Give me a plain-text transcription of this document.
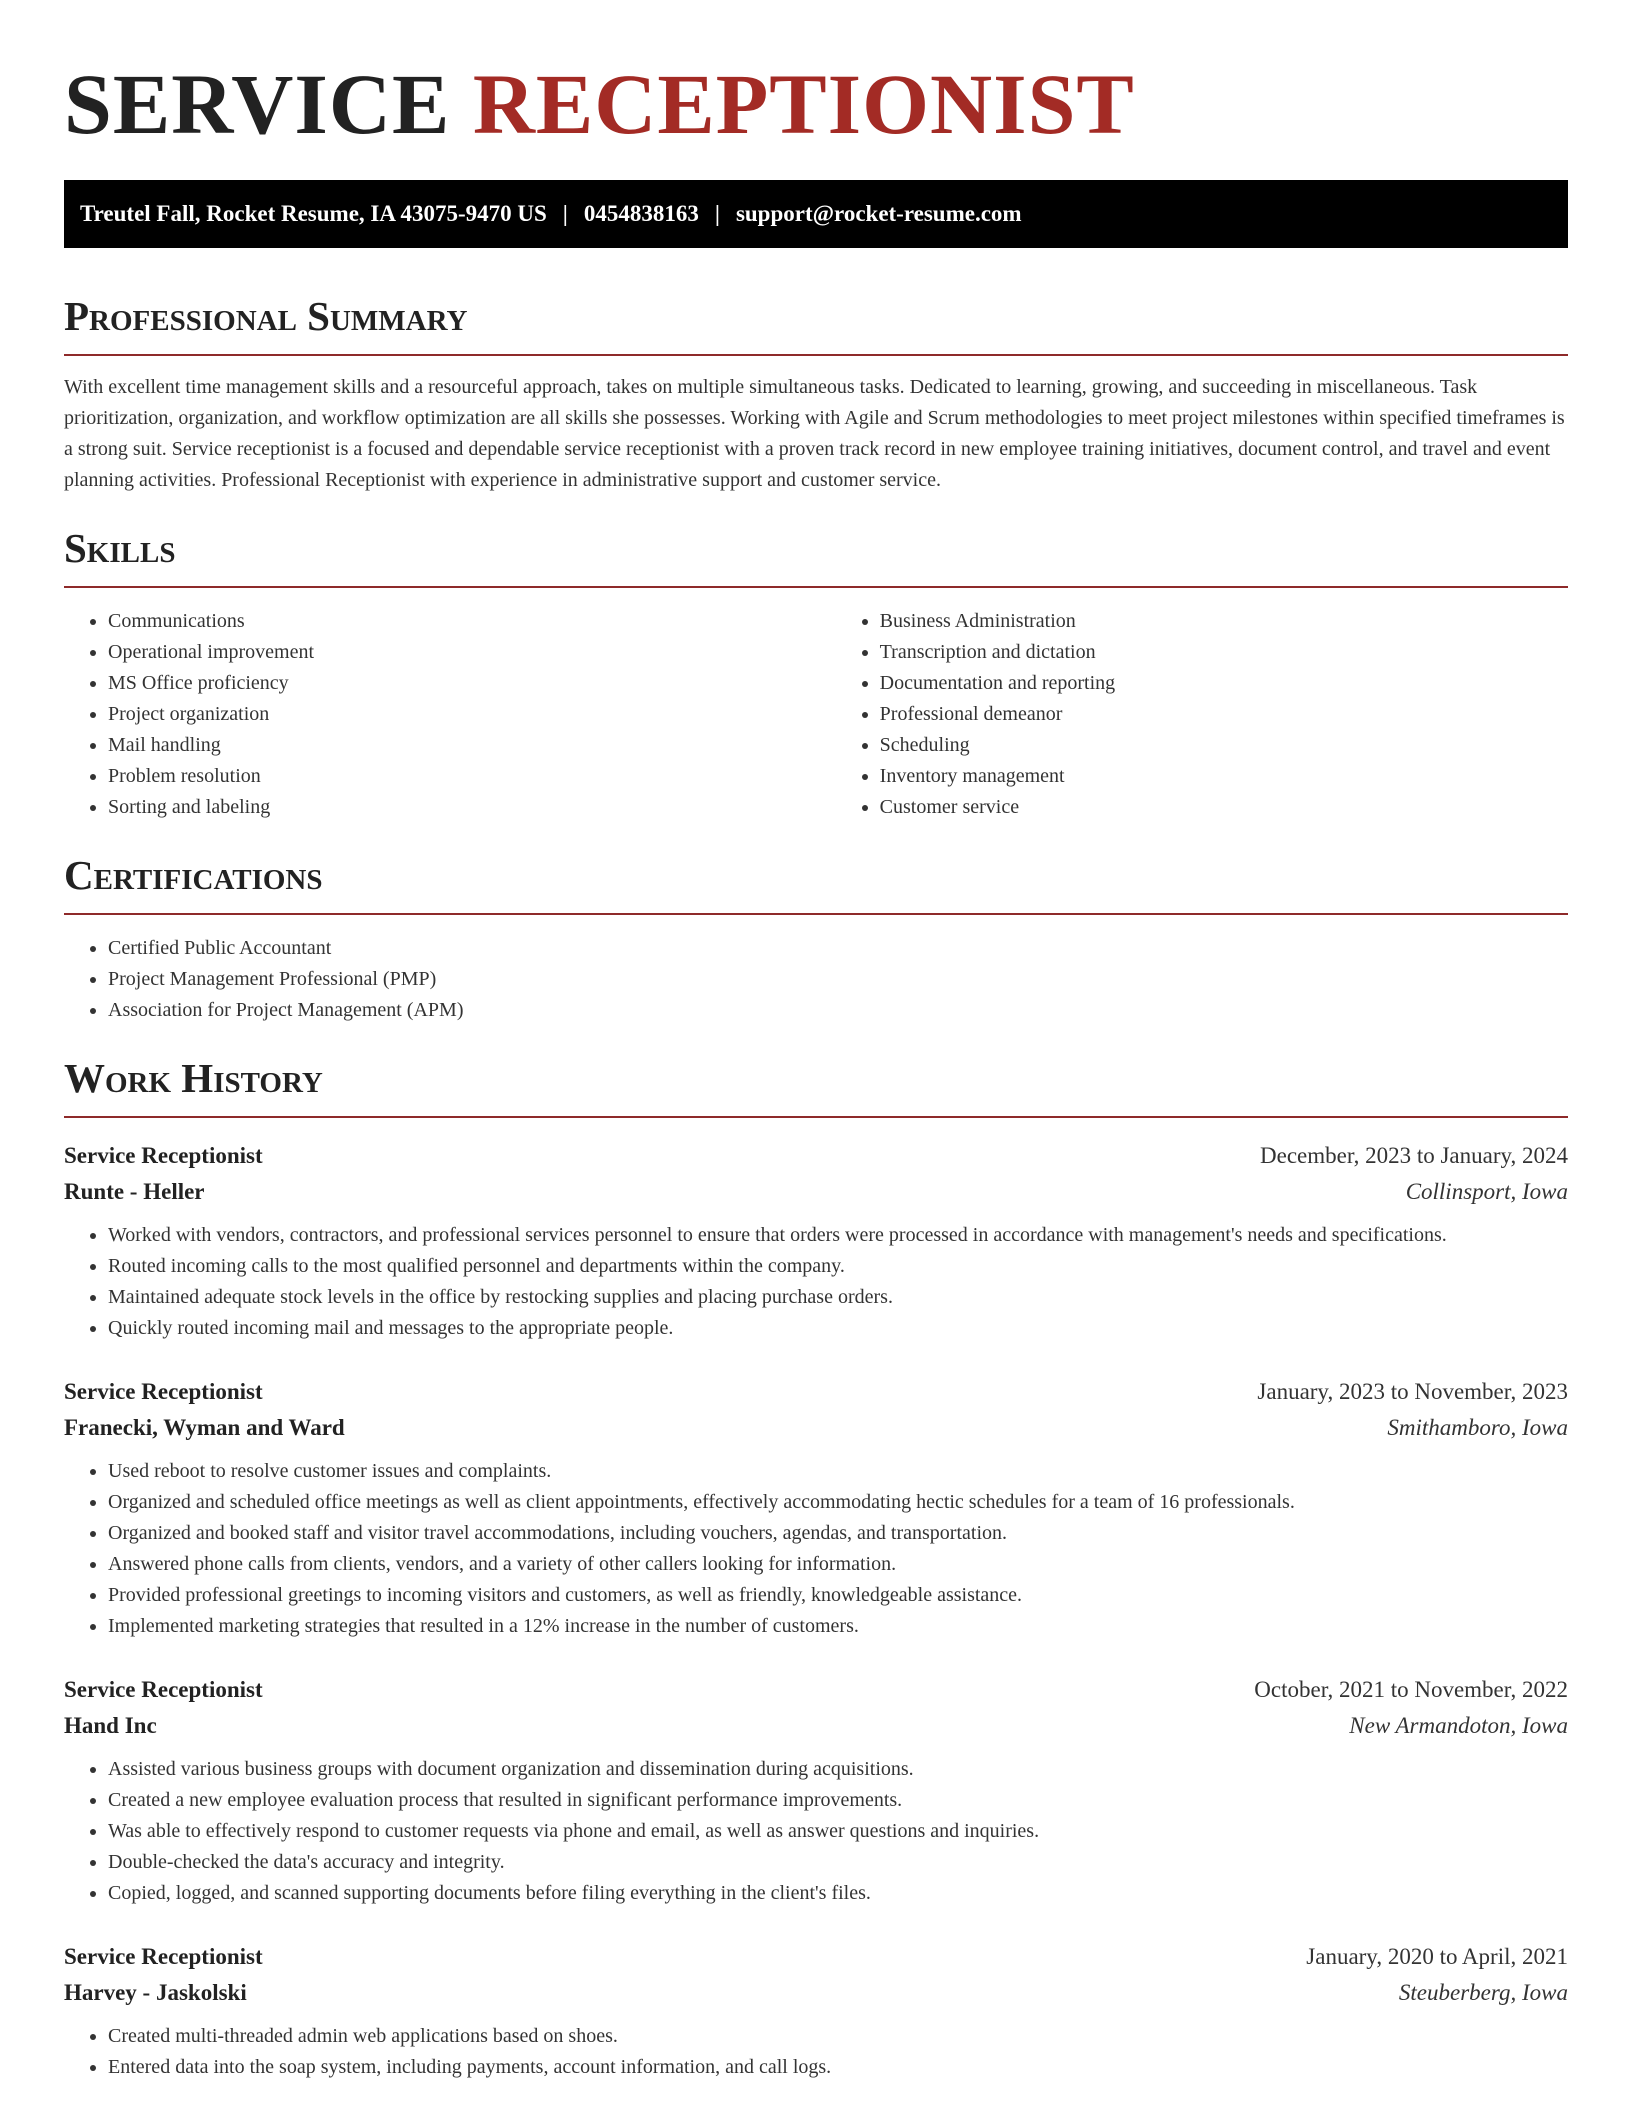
SERVICE RECEPTIONIST
Treutel Fall, Rocket Resume, IA 43075-9470 US | 0454838163 | support@rocket-resume.com
Professional Summary

With excellent time management skills and a resourceful approach, takes on multiple simultaneous tasks. Dedicated to learning, growing, and succeeding in miscellaneous. Task prioritization, organization, and workflow optimization are all skills she possesses. Working with Agile and Scrum methodologies to meet project milestones within specified timeframes is a strong suit. Service receptionist is a focused and dependable service receptionist with a proven track record in new employee training initiatives, document control, and travel and event planning activities. Professional Receptionist with experience in administrative support and customer service.

Skills
• Communications
• Operational improvement
• MS Office proficiency
• Project organization
• Mail handling
• Problem resolution
• Sorting and labeling
• Business Administration
• Transcription and dictation
• Documentation and reporting
• Professional demeanor
• Scheduling
• Inventory management
• Customer service
Certifications
• Certified Public Accountant
• Project Management Professional (PMP)
• Association for Project Management (APM)
Work History
Service Receptionist	December, 2023 to January, 2024
Runte - Heller	Collinsport, Iowa
• Worked with vendors, contractors, and professional services personnel to ensure that orders were processed in accordance with management's needs and specifications.
• Routed incoming calls to the most qualified personnel and departments within the company.
• Maintained adequate stock levels in the office by restocking supplies and placing purchase orders.
• Quickly routed incoming mail and messages to the appropriate people.
Service Receptionist	January, 2023 to November, 2023
Franecki, Wyman and Ward	Smithamboro, Iowa
• Used reboot to resolve customer issues and complaints.
• Organized and scheduled office meetings as well as client appointments, effectively accommodating hectic schedules for a team of 16 professionals.
• Organized and booked staff and visitor travel accommodations, including vouchers, agendas, and transportation.
• Answered phone calls from clients, vendors, and a variety of other callers looking for information.
• Provided professional greetings to incoming visitors and customers, as well as friendly, knowledgeable assistance.
• Implemented marketing strategies that resulted in a 12% increase in the number of customers.
Service Receptionist	October, 2021 to November, 2022
Hand Inc	New Armandoton, Iowa
• Assisted various business groups with document organization and dissemination during acquisitions.
• Created a new employee evaluation process that resulted in significant performance improvements.
• Was able to effectively respond to customer requests via phone and email, as well as answer questions and inquiries.
• Double-checked the data's accuracy and integrity.
• Copied, logged, and scanned supporting documents before filing everything in the client's files.
Service Receptionist	January, 2020 to April, 2021
Harvey - Jaskolski	Steuberberg, Iowa
• Created multi-threaded admin web applications based on shoes.
• Entered data into the soap system, including payments, account information, and call logs.
